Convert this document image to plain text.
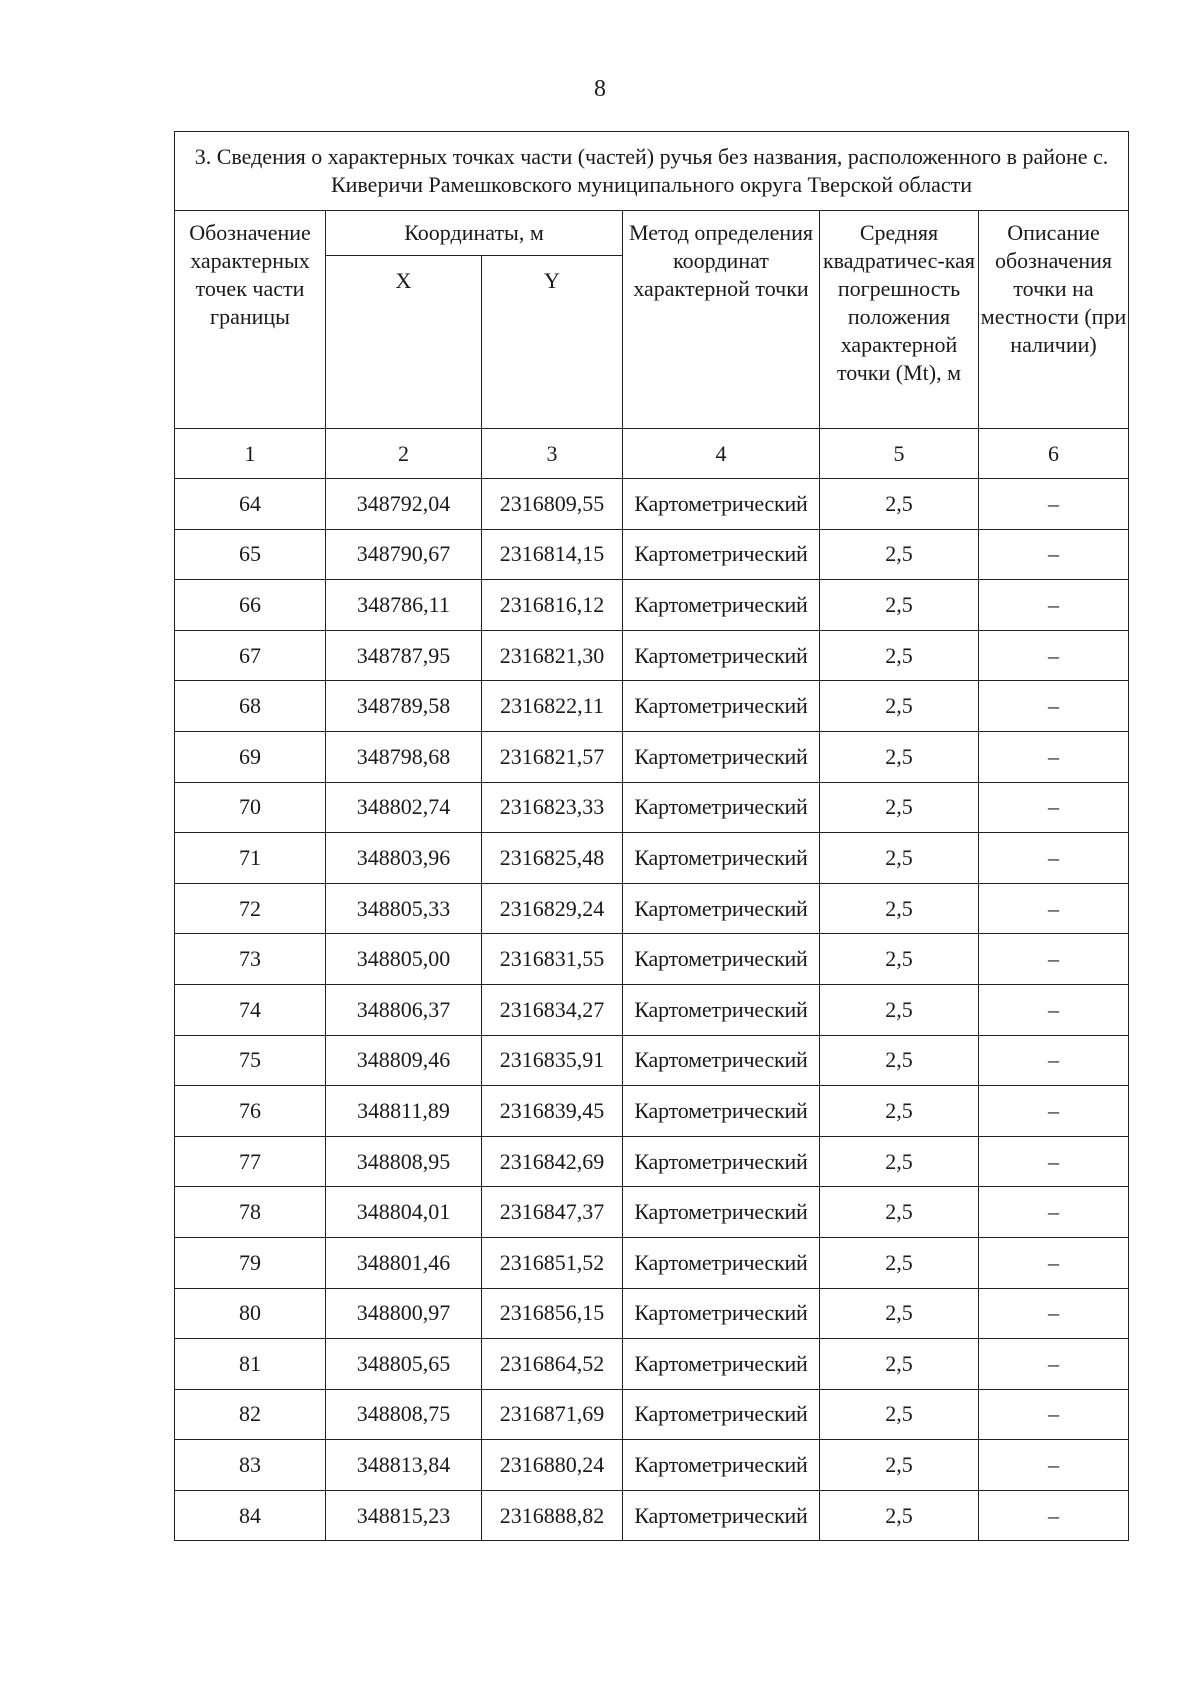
8
3. Сведения о характерных точках части (частей) ручья без названия, расположенного в районе с. Киверичи Рамешковского муниципального округа Тверской области					
Обозначение характерных точек части границы	Координаты, м		Метод определения координат характерной точки	Средняя квадратичес-кая погрешность положения характерной точки (Mt), м	Описание обозначения точки на местности (при наличии)
	X	Y			
1	2	3	4	5	6
64	348792,04	2316809,55	Картометрический	2,5	–
65	348790,67	2316814,15	Картометрический	2,5	–
66	348786,11	2316816,12	Картометрический	2,5	–
67	348787,95	2316821,30	Картометрический	2,5	–
68	348789,58	2316822,11	Картометрический	2,5	–
69	348798,68	2316821,57	Картометрический	2,5	–
70	348802,74	2316823,33	Картометрический	2,5	–
71	348803,96	2316825,48	Картометрический	2,5	–
72	348805,33	2316829,24	Картометрический	2,5	–
73	348805,00	2316831,55	Картометрический	2,5	–
74	348806,37	2316834,27	Картометрический	2,5	–
75	348809,46	2316835,91	Картометрический	2,5	–
76	348811,89	2316839,45	Картометрический	2,5	–
77	348808,95	2316842,69	Картометрический	2,5	–
78	348804,01	2316847,37	Картометрический	2,5	–
79	348801,46	2316851,52	Картометрический	2,5	–
80	348800,97	2316856,15	Картометрический	2,5	–
81	348805,65	2316864,52	Картометрический	2,5	–
82	348808,75	2316871,69	Картометрический	2,5	–
83	348813,84	2316880,24	Картометрический	2,5	–
84	348815,23	2316888,82	Картометрический	2,5	–
